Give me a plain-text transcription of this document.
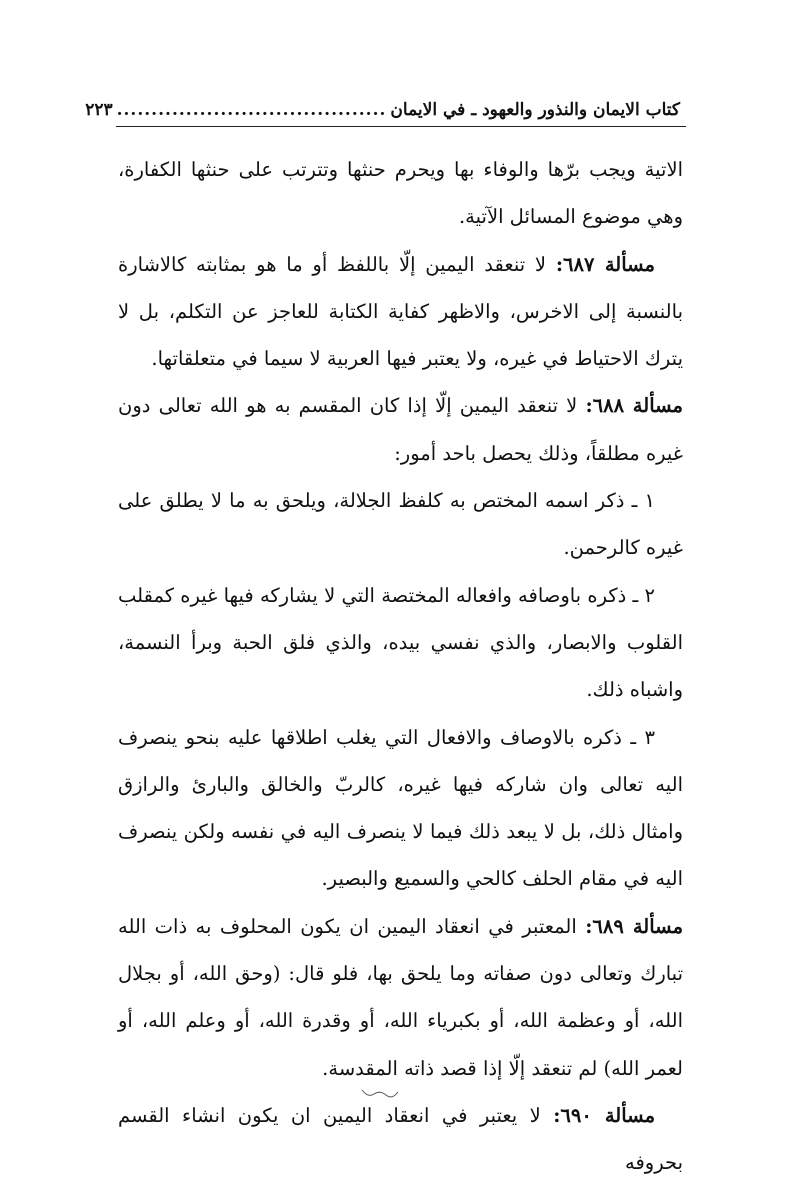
كتاب الايمان والنذور والعهود ـ في الايمان
.......................................
٢٢٣

الاتية ويجب برّها والوفاء بها ويحرم حنثها وتترتب على حنثها الكفارة، وهي موضوع المسائل الآتية.

مسألة ٦٨٧: لا تنعقد اليمين إلّا باللفظ أو ما هو بمثابته كالاشارة بالنسبة إلى الاخرس، والاظهر كفاية الكتابة للعاجز عن التكلم، بل لا يترك الاحتياط في غيره، ولا يعتبر فيها العربية لا سيما في متعلقاتها.

مسألة ٦٨٨: لا تنعقد اليمين إلّا إذا كان المقسم به هو الله تعالى دون غيره مطلقاً، وذلك يحصل باحد أمور:

١ ـ ذكر اسمه المختص به كلفظ الجلالة، ويلحق به ما لا يطلق على غيره كالرحمن.

٢ ـ ذكره باوصافه وافعاله المختصة التي لا يشاركه فيها غيره كمقلب القلوب والابصار، والذي نفسي بيده، والذي فلق الحبة وبرأ النسمة، واشباه ذلك.

٣ ـ ذكره بالاوصاف والافعال التي يغلب اطلاقها عليه بنحو ينصرف اليه تعالى وان شاركه فيها غيره، كالربّ والخالق والبارئ والرازق وامثال ذلك، بل لا يبعد ذلك فيما لا ينصرف اليه في نفسه ولكن ينصرف اليه في مقام الحلف كالحي والسميع والبصير.

مسألة ٦٨٩: المعتبر في انعقاد اليمين ان يكون المحلوف به ذات الله تبارك وتعالى دون صفاته وما يلحق بها، فلو قال: (وحق الله، أو بجلال الله، أو وعظمة الله، أو بكبرياء الله، أو وقدرة الله، أو وعلم الله، أو لعمر الله) لم تنعقد إلّا إذا قصد ذاته المقدسة.

مسألة ٦٩٠: لا يعتبر في انعقاد اليمين ان يكون انشاء القسم بحروفه
